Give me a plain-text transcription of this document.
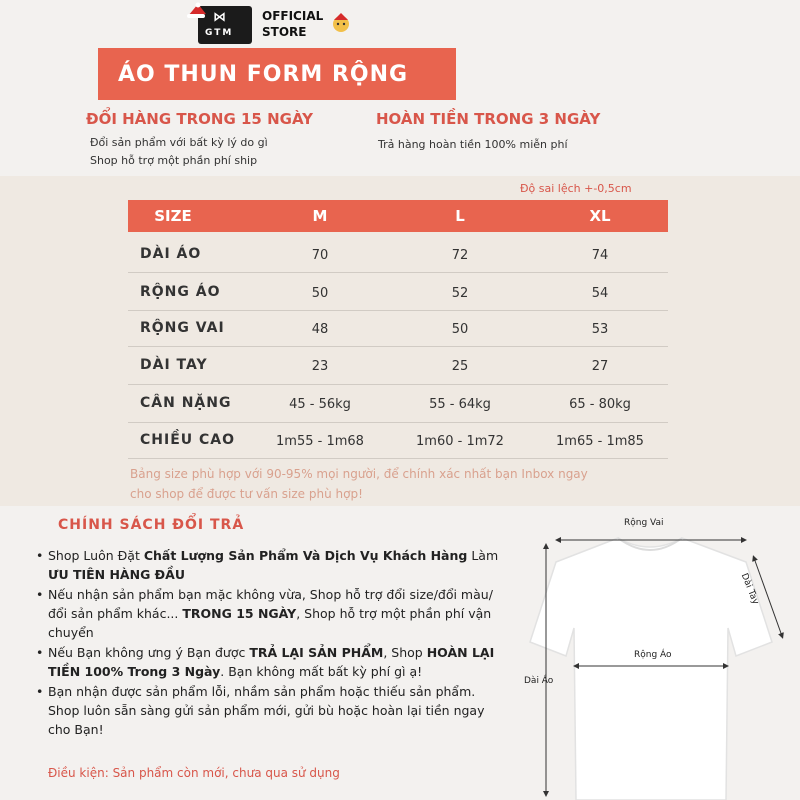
⋈
GTM
OFFICIAL
STORE
ÁO THUN FORM RỘNG
ĐỔI HÀNG TRONG 15 NGÀY
Đổi sản phẩm với bất kỳ lý do gì
Shop hỗ trợ một phần phí ship
HOÀN TIỀN TRONG 3 NGÀY
Trả hàng hoàn tiền 100% miễn phí
Độ sai lệch +-0,5cm
SIZE	M	L	XL
DÀI ÁO	70	72	74
RỘNG ÁO	50	52	54
RỘNG VAI	48	50	53
DÀI TAY	23	25	27
CÂN NẶNG	45 - 56kg	55 - 64kg	65 - 80kg
CHIỀU CAO	1m55 - 1m68	1m60 - 1m72	1m65 - 1m85
Bảng size phù hợp với 90-95% mọi người, để chính xác nhất bạn Inbox ngay
cho shop để được tư vấn size phù hợp!
CHÍNH SÁCH ĐỔI TRẢ
• Shop Luôn Đặt Chất Lượng Sản Phẩm Và Dịch Vụ Khách Hàng Làm ƯU TIÊN HÀNG ĐẦU
• Nếu nhận sản phẩm bạn mặc không vừa, Shop hỗ trợ đổi size/đổi màu/đổi sản phẩm khác... TRONG 15 NGÀY, Shop hỗ trợ một phần phí vận chuyển
• Nếu Bạn không ưng ý Bạn được TRẢ LẠI SẢN PHẨM, Shop HOÀN LẠI TIỀN 100% Trong 3 Ngày. Bạn không mất bất kỳ phí gì ạ!
• Bạn nhận được sản phẩm lỗi, nhầm sản phẩm hoặc thiếu sản phẩm. Shop luôn sẵn sàng gửi sản phẩm mới, gửi bù hoặc hoàn lại tiền ngay cho Bạn!
Điều kiện: Sản phẩm còn mới, chưa qua sử dụng
Rộng Vai
Dài Tay
Rộng Áo
Dài Áo
